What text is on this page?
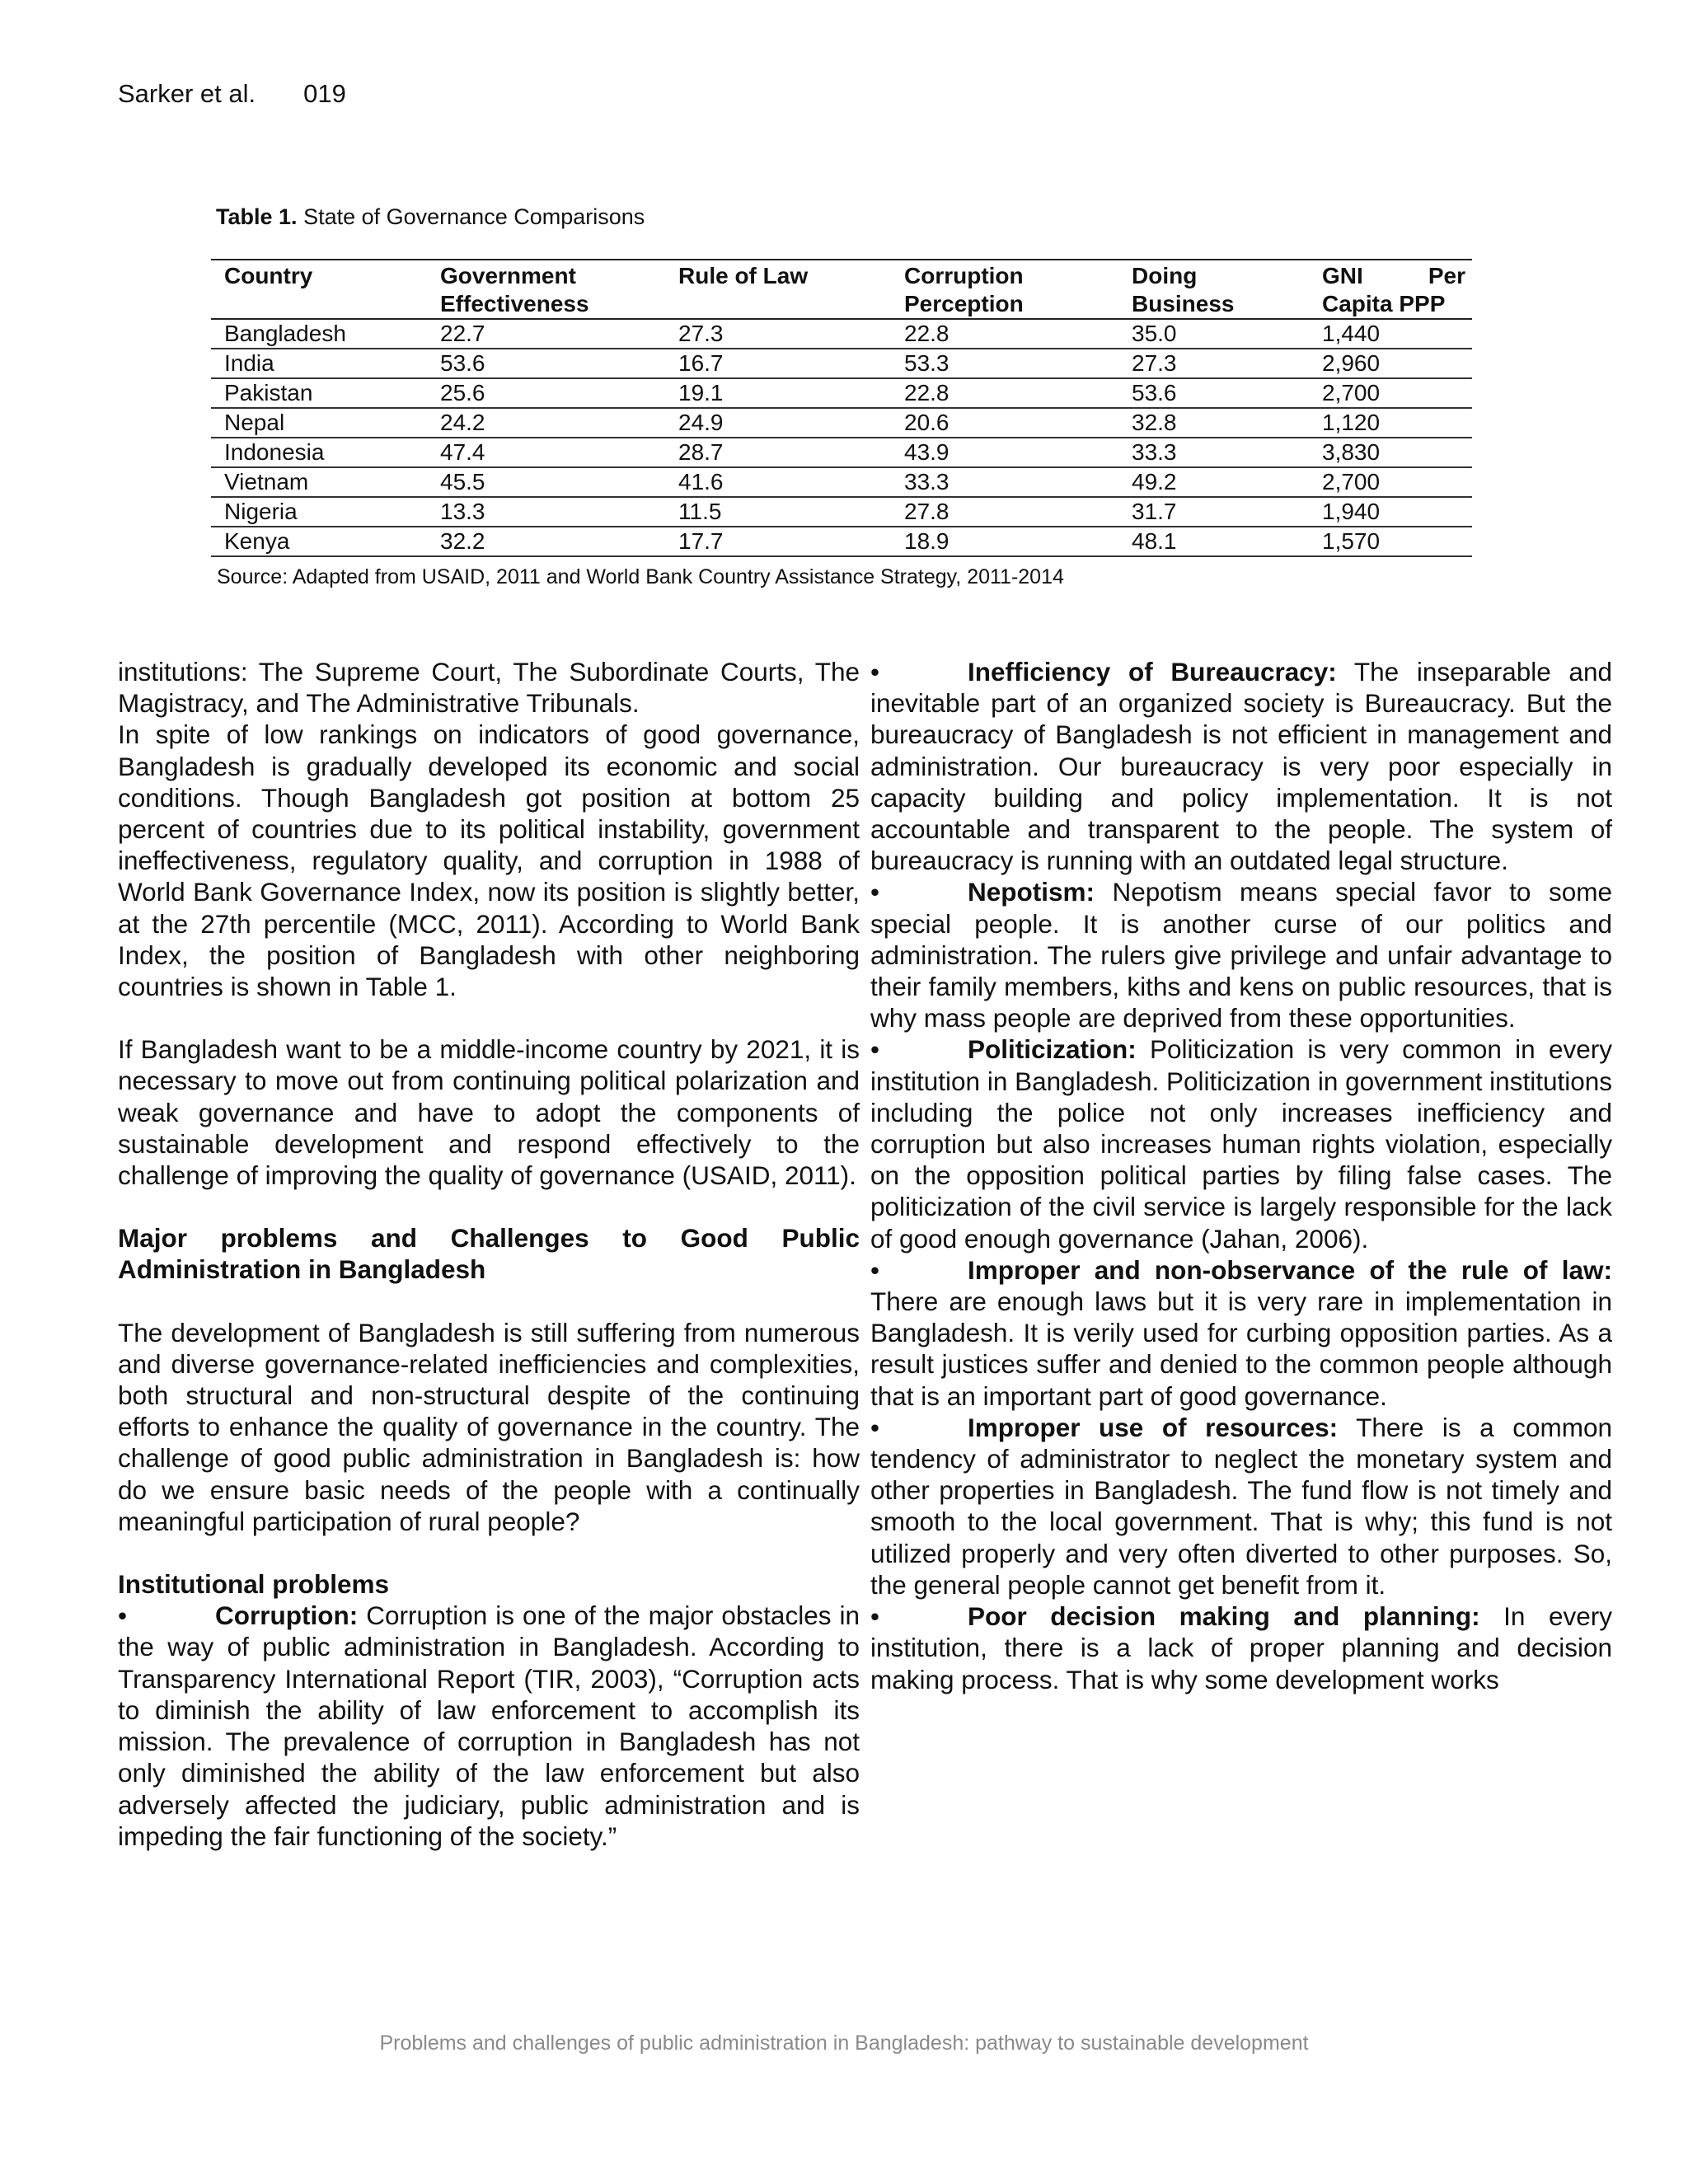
Sarker et al. 019
Table 1. State of Governance Comparisons
Country	Government Effectiveness	Rule of Law	Corruption Perception	Doing Business	GNI Per Capita PPP
Bangladesh	22.7	27.3	22.8	35.0	1,440
India	53.6	16.7	53.3	27.3	2,960
Pakistan	25.6	19.1	22.8	53.6	2,700
Nepal	24.2	24.9	20.6	32.8	1,120
Indonesia	47.4	28.7	43.9	33.3	3,830
Vietnam	45.5	41.6	33.3	49.2	2,700
Nigeria	13.3	11.5	27.8	31.7	1,940
Kenya	32.2	17.7	18.9	48.1	1,570
Source: Adapted from USAID, 2011 and World Bank Country Assistance Strategy, 2011-2014

institutions: The Supreme Court, The Subordinate Courts, The Magistracy, and The Administrative Tribunals.

In spite of low rankings on indicators of good governance, Bangladesh is gradually developed its economic and social conditions. Though Bangladesh got position at bottom 25 percent of countries due to its political instability, government ineffectiveness, regulatory quality, and corruption in 1988 of World Bank Governance Index, now its position is slightly better, at the 27th percentile (MCC, 2011). According to World Bank Index, the position of Bangladesh with other neighboring countries is shown in Table 1.

If Bangladesh want to be a middle-income country by 2021, it is necessary to move out from continuing political polarization and weak governance and have to adopt the components of sustainable development and respond effectively to the challenge of improving the quality of governance (USAID, 2011).

Major problems and Challenges to Good Public Administration in Bangladesh

The development of Bangladesh is still suffering from numerous and diverse governance-related inefficiencies and complexities, both structural and non-structural despite of the continuing efforts to enhance the quality of governance in the country. The challenge of good public administration in Bangladesh is: how do we ensure basic needs of the people with a continually meaningful participation of rural people?

Institutional problems

•	Corruption: Corruption is one of the major obstacles in the way of public administration in Bangladesh. According to Transparency International Report (TIR, 2003), “Corruption acts to diminish the ability of law enforcement to accomplish its mission. The prevalence of corruption in Bangladesh has not only diminished the ability of the law enforcement but also adversely affected the judiciary, public administration and is impeding the fair functioning of the society.”

•	Inefficiency of Bureaucracy: The inseparable and inevitable part of an organized society is Bureaucracy. But the bureaucracy of Bangladesh is not efficient in management and administration. Our bureaucracy is very poor especially in capacity building and policy implementation. It is not accountable and transparent to the people. The system of bureaucracy is running with an outdated legal structure.

•	Nepotism: Nepotism means special favor to some special people. It is another curse of our politics and administration. The rulers give privilege and unfair advantage to their family members, kiths and kens on public resources, that is why mass people are deprived from these opportunities.

•	Politicization: Politicization is very common in every institution in Bangladesh. Politicization in government institutions including the police not only increases inefficiency and corruption but also increases human rights violation, especially on the opposition political parties by filing false cases. The politicization of the civil service is largely responsible for the lack of good enough governance (Jahan, 2006).

•	Improper and non-observance of the rule of law: There are enough laws but it is very rare in implementation in Bangladesh. It is verily used for curbing opposition parties. As a result justices suffer and denied to the common people although that is an important part of good governance.

•	Improper use of resources: There is a common tendency of administrator to neglect the monetary system and other properties in Bangladesh. The fund flow is not timely and smooth to the local government. That is why; this fund is not utilized properly and very often diverted to other purposes. So, the general people cannot get benefit from it.

•	Poor decision making and planning: In every institution, there is a lack of proper planning and decision making process. That is why some development works

Problems and challenges of public administration in Bangladesh: pathway to sustainable development
